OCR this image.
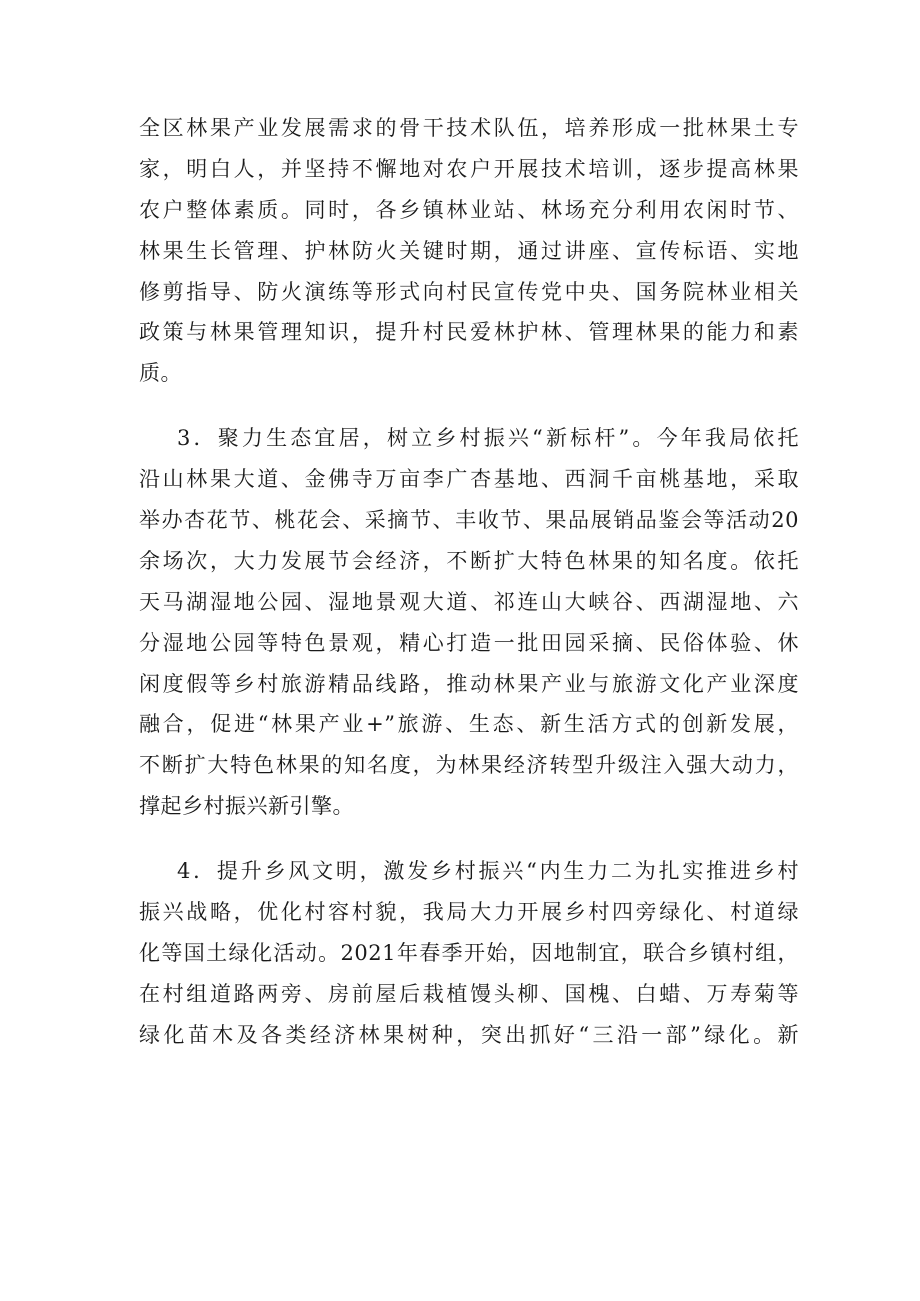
全区林果产业发展需求的骨干技术队伍，培养形成一批林果土专
家，明白人，并坚持不懈地对农户开展技术培训，逐步提高林果
农户整体素质。同时，各乡镇林业站、林场充分利用农闲时节、
林果生长管理、护林防火关键时期，通过讲座、宣传标语、实地
修剪指导、防火演练等形式向村民宣传党中央、国务院林业相关
政策与林果管理知识，提升村民爱林护林、管理林果的能力和素
质。
3．聚力生态宜居，树立乡村振兴“新标杆”。今年我局依托
沿山林果大道、金佛寺万亩李广杏基地、西洞千亩桃基地，采取
举办杏花节、桃花会、采摘节、丰收节、果品展销品鉴会等活动20
余场次，大力发展节会经济，不断扩大特色林果的知名度。依托
天马湖湿地公园、湿地景观大道、祁连山大峡谷、西湖湿地、六
分湿地公园等特色景观，精心打造一批田园采摘、民俗体验、休
闲度假等乡村旅游精品线路，推动林果产业与旅游文化产业深度
融合，促进“林果产业+”旅游、生态、新生活方式的创新发展，
不断扩大特色林果的知名度，为林果经济转型升级注入强大动力，
撑起乡村振兴新引擎。
4．提升乡风文明，激发乡村振兴“内生力二为扎实推进乡村
振兴战略，优化村容村貌，我局大力开展乡村四旁绿化、村道绿
化等国土绿化活动。2021年春季开始，因地制宜，联合乡镇村组，
在村组道路两旁、房前屋后栽植馒头柳、国槐、白蜡、万寿菊等
绿化苗木及各类经济林果树种，突出抓好“三沿一部”绿化。新
